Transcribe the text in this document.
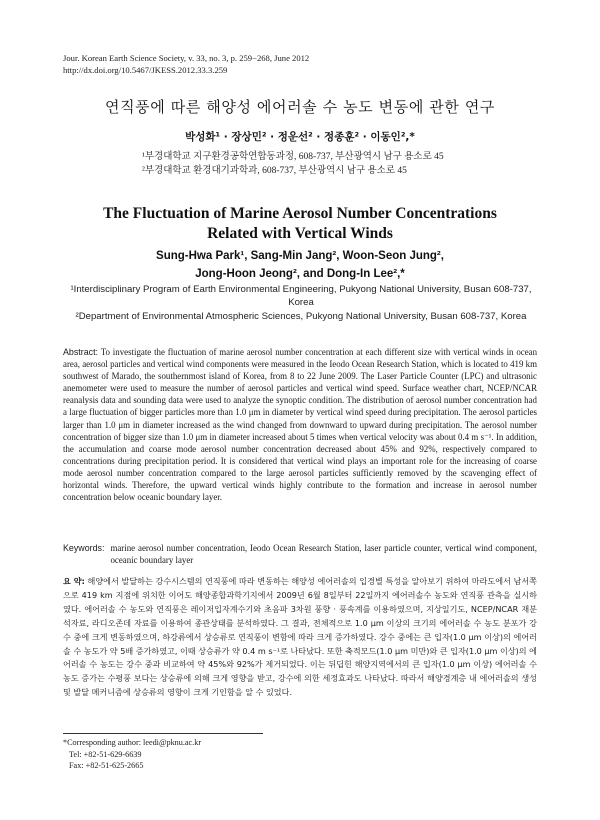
Jour. Korean Earth Science Society, v. 33, no. 3, p. 259−268, June 2012
http://dx.doi.org/10.5467/JKESS.2012.33.3.259
연직풍에 따른 해양성 에어러솔 수 농도 변동에 관한 연구
박성화¹ · 장상민² · 정운선² · 정종훈² · 이동인²,*
¹부경대학교 지구환경공학연합동과정, 608-737, 부산광역시 남구 용소로 45
²부경대학교 환경대기과학과, 608-737, 부산광역시 남구 용소로 45
The Fluctuation of Marine Aerosol Number Concentrations
Related with Vertical Winds
Sung-Hwa Park¹, Sang-Min Jang², Woon-Seon Jung²,
Jong-Hoon Jeong², and Dong-In Lee²,*

¹Interdisciplinary Program of Earth Environmental Engineering, Pukyong National University, Busan 608-737, Korea

²Department of Environmental Atmospheric Sciences, Pukyong National University, Busan 608-737, Korea

Abstract: To investigate the fluctuation of marine aerosol number concentration at each different size with vertical winds in ocean area, aerosol particles and vertical wind components were measured in the Ieodo Ocean Research Station, which is located to 419 km southwest of Marado, the southernmost island of Korea, from 8 to 22 June 2009. The Laser Particle Counter (LPC) and ultrasonic anemometer were used to measure the number of aerosol particles and vertical wind speed. Surface weather chart, NCEP/NCAR reanalysis data and sounding data were used to analyze the synoptic condition. The distribution of aerosol number concentration had a large fluctuation of bigger particles more than 1.0 μm in diameter by vertical wind speed during precipitation. The aerosol particles larger than 1.0 μm in diameter increased as the wind changed from downward to upward during precipitation. The aerosol number concentration of bigger size than 1.0 μm in diameter increased about 5 times when vertical velocity was about 0.4 m s⁻¹. In addition, the accumulation and coarse mode aerosol number concentration decreased about 45% and 92%, respectively compared to concentrations during precipitation period. It is considered that vertical wind plays an important role for the increasing of coarse mode aerosol number concentration compared to the large aerosol particles sufficiently removed by the scavenging effect of horizontal winds. Therefore, the upward vertical winds highly contribute to the formation and increase in aerosol number concentration below oceanic boundary layer.
Keywords: marine aerosol number concentration, Ieodo Ocean Research Station, laser particle counter, vertical wind component, oceanic boundary layer
요 약: 해양에서 발달하는 강수시스템의 연직풍에 따라 변동하는 해양성 에어러솔의 입경별 특성을 알아보기 위하여 마라도에서 남서쪽으로 419 km 지점에 위치한 이어도 해양종합과학기지에서 2009년 6월 8일부터 22일까지 에어러솔수 농도와 연직풍 관측을 실시하였다. 에어러솔 수 농도와 연직풍은 레이저입자계수기와 초음파 3차원 풍향 · 풍속계를 이용하였으며, 지상일기도, NCEP/NCAR 재분석자료, 라디오존데 자료를 이용하여 종관상태를 분석하였다. 그 결과, 전체적으로 1.0 μm 이상의 크기의 에어러솔 수 농도 분포가 강수 중에 크게 변동하였으며, 하강류에서 상승류로 연직풍이 변함에 따라 크게 증가하였다. 강수 중에는 큰 입자(1.0 μm 이상)의 에어러솔 수 농도가 약 5배 증가하였고, 이때 상승류가 약 0.4 m s⁻¹로 나타났다. 또한 축적모드(1.0 μm 미만)와 큰 입자(1.0 μm 이상)의 에어러솔 수 농도는 강수 중과 비교하여 약 45%와 92%가 제거되었다. 이는 뒤딥힌 해양지역에서의 큰 입자(1.0 μm 이상) 에어러솔 수 농도 증가는 수평풍 보다는 상승류에 의해 크게 영향을 받고, 강수에 의한 세정효과도 나타났다. 따라서 해양경계층 내 에어러솔의 생성 및 발달 메커니즘에 상승류의 영향이 크게 기인함을 알 수 있었다.
*Corresponding author: leedi@pknu.ac.kr
Tel: +82-51-629-6639
Fax: +82-51-625-2665
